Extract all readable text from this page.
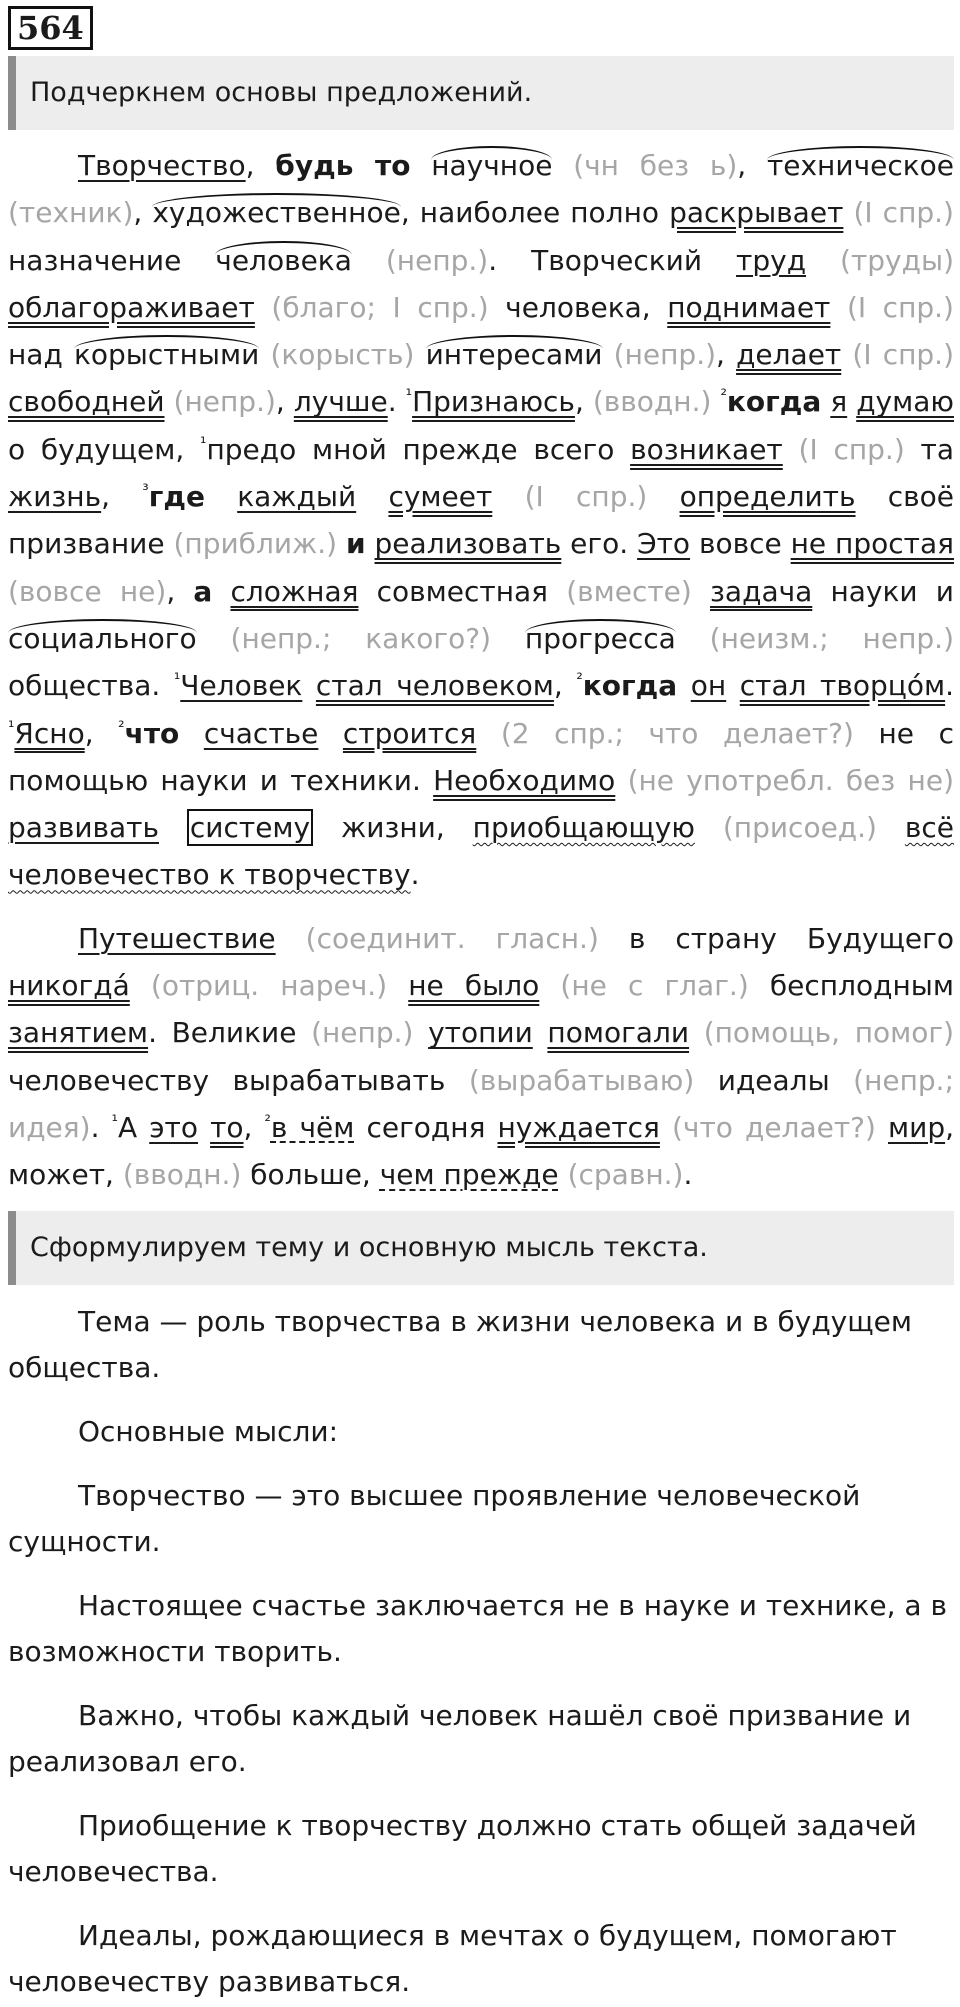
564
Подчеркнем основы предложений.

Творчество, будь то научное (чн без ь), техническое (техник), художественное, наиболее полно раскрывает (I спр.) назначение человека (непр.). Творческий труд (труды) облагораживает (благо; I спр.) человека, поднимает (I спр.) над корыстными (корысть) интересами (непр.), делает (I спр.) свободней (непр.), лучше. $^{^1}$Признаюсь, (вводн.) $^{^2}$когда я думаю о будущем, $^{^1}$предо мной прежде всего возникает (I спр.) та жизнь, $^{^3}$где каждый сумеет (I спр.) определить своё призвание (приближ.) и реализовать его. Это вовсе не простая (вовсе не), а сложная совместная (вместе) задача науки и социального (непр.; какого?) прогресса (неизм.; непр.) общества. $^{^1}$Человек стал человеком, $^{^2}$когда он стал творцо́м. $^{^1}$Ясно, $^{^2}$что счастье строится (2 спр.; что делает?) не с помощью науки и техники. Необходимо (не употребл. без не) развивать систему жизни, приобщающую (присоед.) всё человечество к творчеству.

Путешествие (соединит. гласн.) в страну Будущего никогда́ (отриц. нареч.) не было (не с глаг.) бесплодным занятием. Великие (непр.) утопии помогали (помощь, помог) человечеству вырабатывать (вырабатываю) идеалы (непр.; идея). $^{^1}$А это то, $^{^2}$в чём сегодня нуждается (что делает?) мир, может, (вводн.) больше, чем прежде (сравн.).

Сформулируем тему и основную мысль текста.

Тема — роль творчества в жизни человека и в будущем общества.

Основные мысли:

Творчество — это высшее проявление человеческой сущности.

Настоящее счастье заключается не в науке и технике, а в возможности творить.

Важно, чтобы каждый человек нашёл своё призвание и реализовал его.

Приобщение к творчеству должно стать общей задачей человечества.

Идеалы, рождающиеся в мечтах о будущем, помогают человечеству развиваться.
